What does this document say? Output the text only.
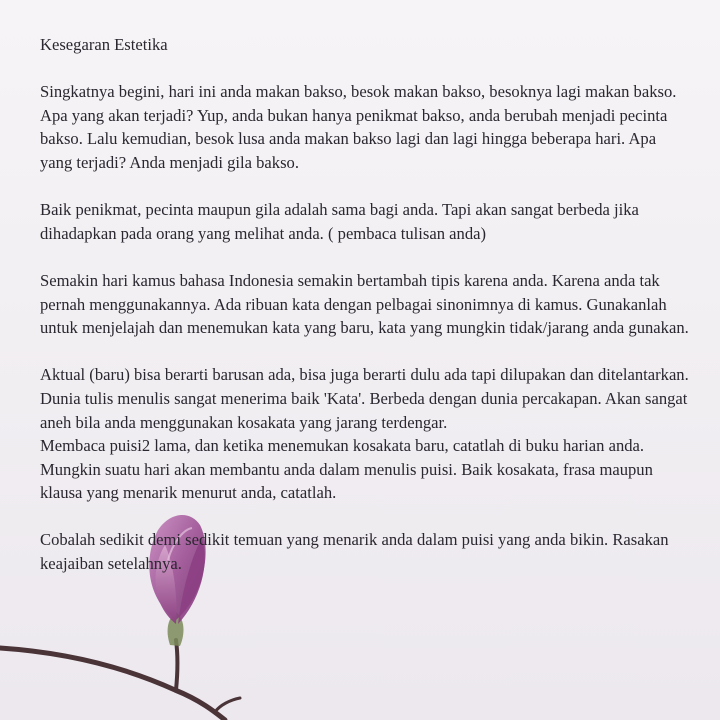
Kesegaran Estetika

Singkatnya begini, hari ini anda makan bakso, besok makan bakso, besoknya lagi makan bakso. Apa yang akan terjadi? Yup, anda bukan hanya penikmat bakso, anda berubah menjadi pecinta bakso. Lalu kemudian, besok lusa anda makan bakso lagi dan lagi hingga beberapa hari. Apa yang terjadi? Anda menjadi gila bakso.

Baik penikmat, pecinta maupun gila adalah sama bagi anda. Tapi akan sangat berbeda jika dihadapkan pada orang yang melihat anda. ( pembaca tulisan anda)

Semakin hari kamus bahasa Indonesia semakin bertambah tipis karena anda. Karena anda tak pernah menggunakannya. Ada ribuan kata dengan pelbagai sinonimnya di kamus. Gunakanlah untuk menjelajah dan menemukan kata yang baru, kata yang mungkin tidak/jarang anda gunakan.

Aktual (baru) bisa berarti barusan ada, bisa juga berarti dulu ada tapi dilupakan dan ditelantarkan. Dunia tulis menulis sangat menerima baik 'Kata'. Berbeda dengan dunia percakapan. Akan sangat aneh bila anda menggunakan kosakata yang jarang terdengar.

Membaca puisi2 lama, dan ketika menemukan kosakata baru, catatlah di buku harian anda. Mungkin suatu hari akan membantu anda dalam menulis puisi. Baik kosakata, frasa maupun klausa yang menarik menurut anda, catatlah.

Cobalah sedikit demi sedikit temuan yang menarik anda dalam puisi yang anda bikin. Rasakan keajaiban setelahnya.
